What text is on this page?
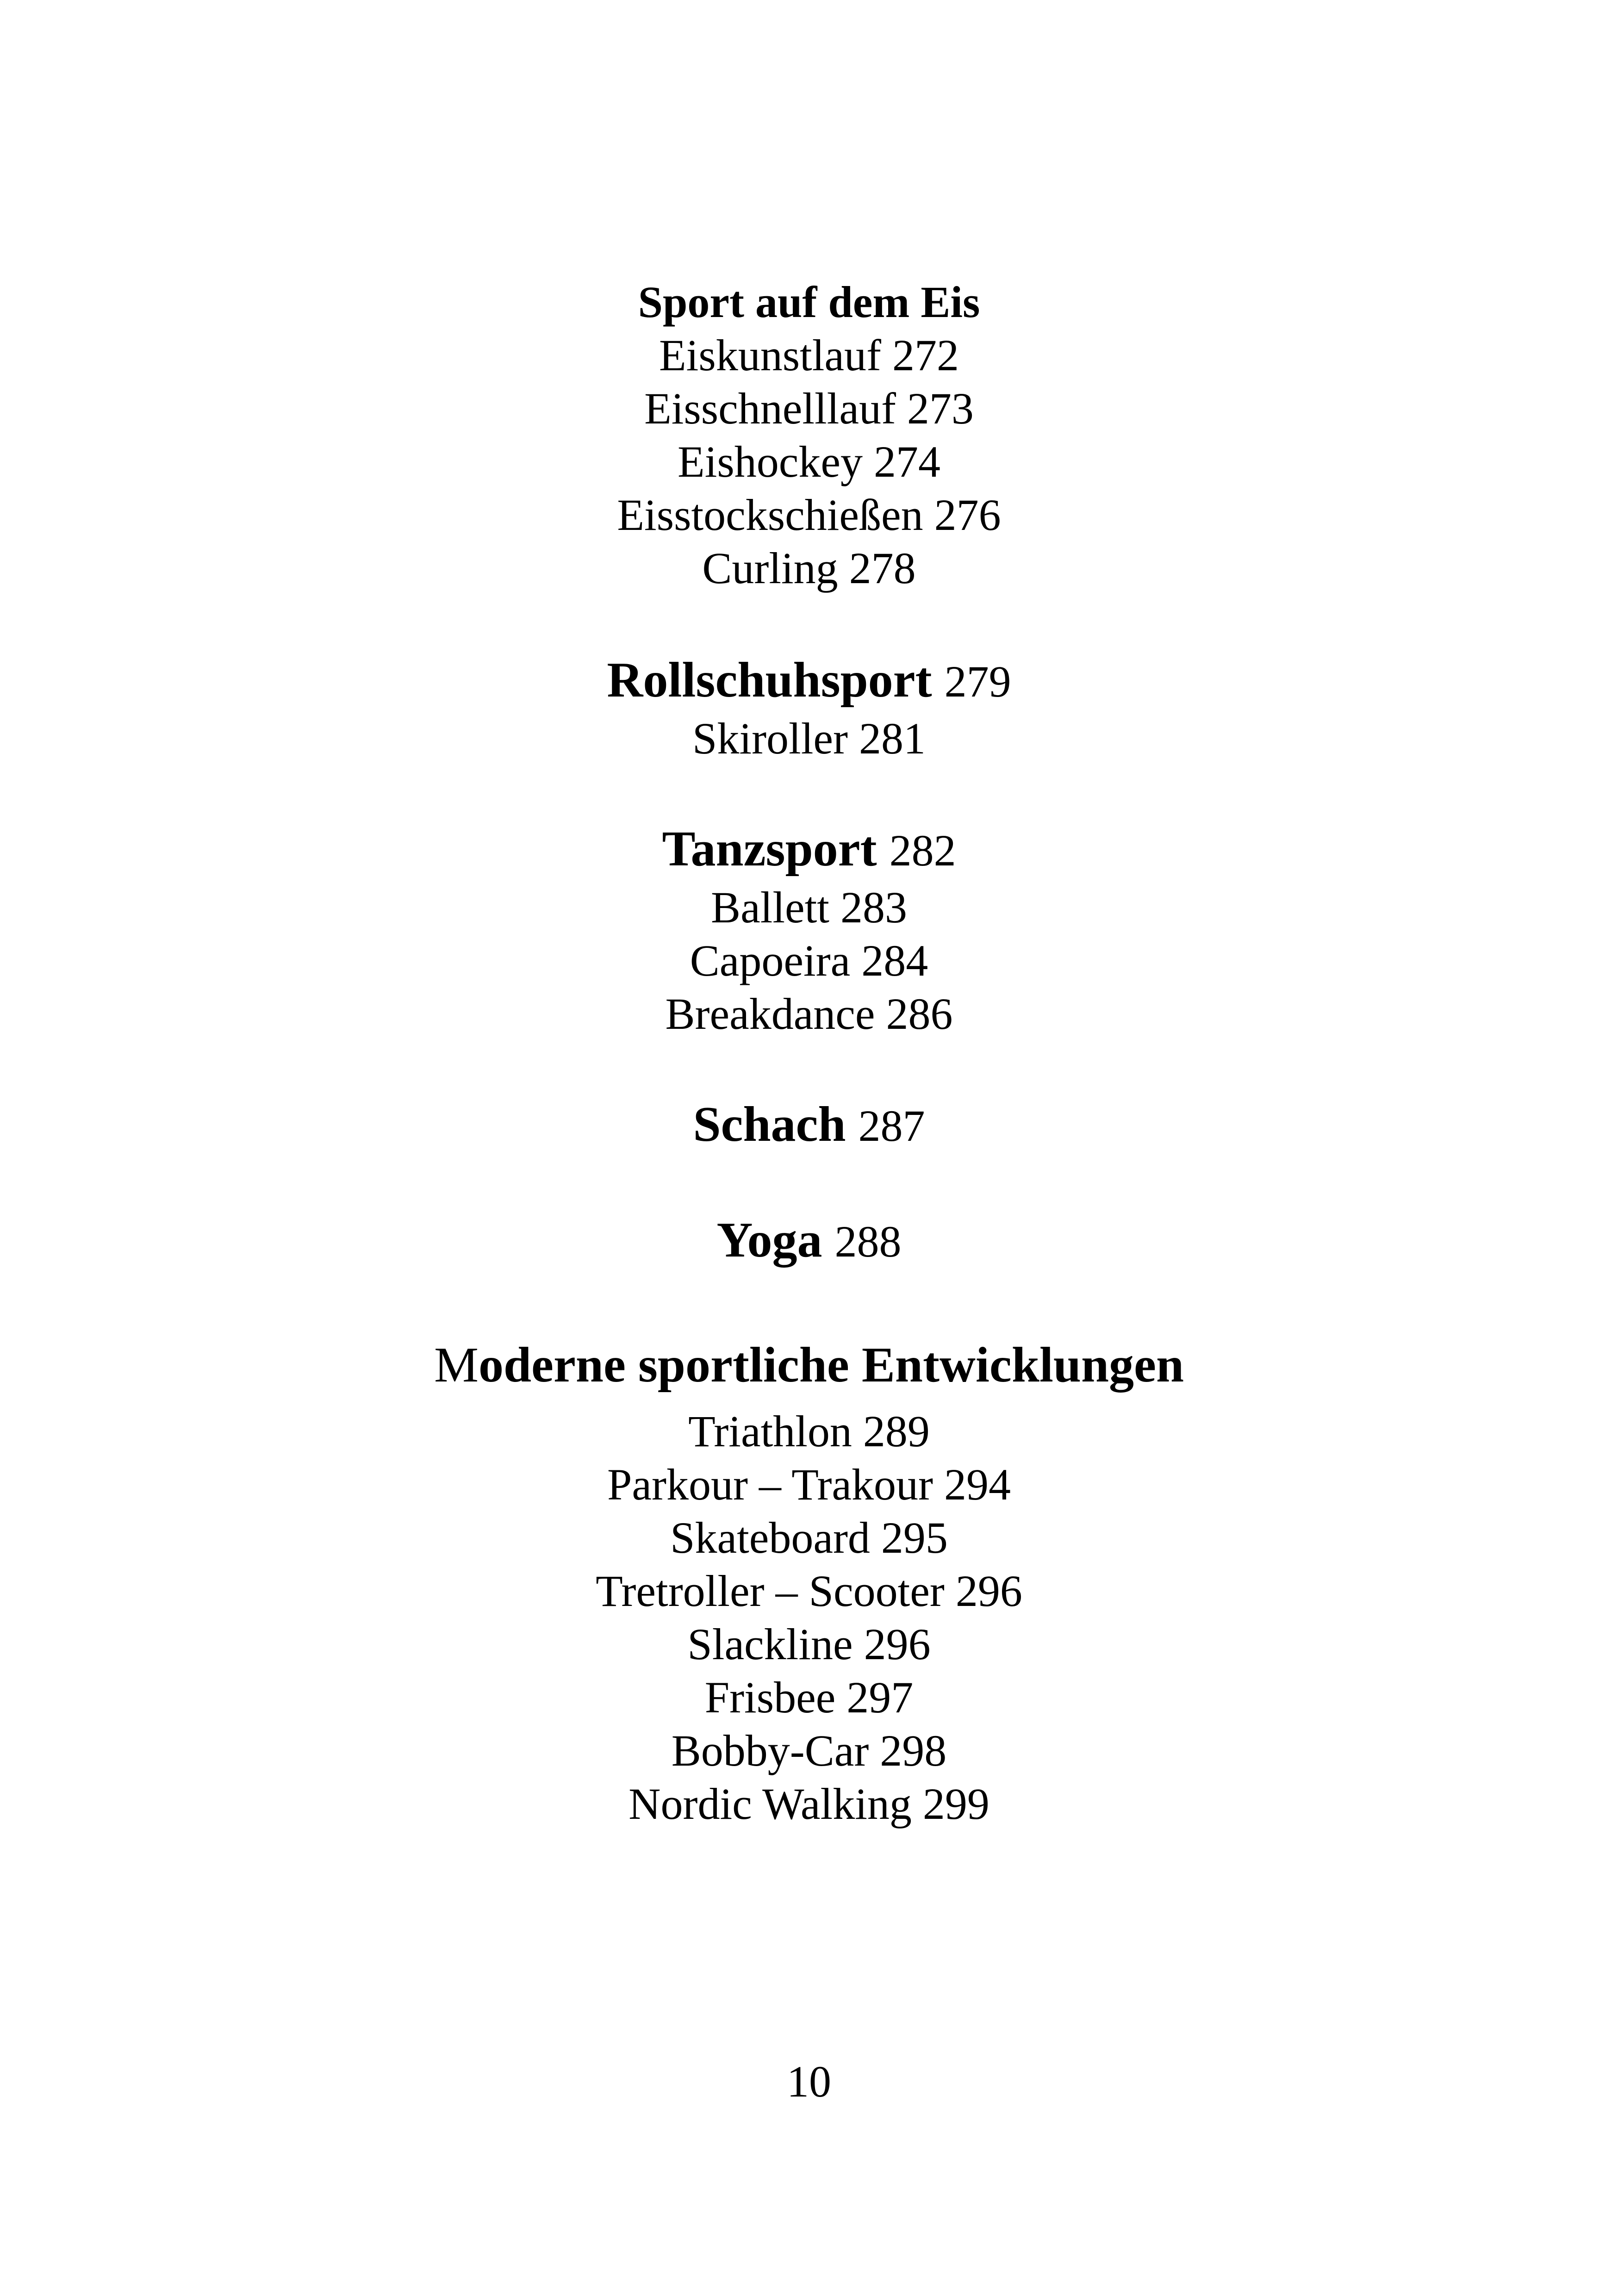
Sport auf dem Eis

Eiskunstlauf 272

Eisschnelllauf 273

Eishockey 274

Eisstockschießen 276

Curling 278

Rollschuhsport 279

Skiroller 281

Tanzsport 282

Ballett 283

Capoeira 284

Breakdance 286

Schach 287

Yoga 288

Moderne sportliche Entwicklungen

Triathlon 289

Parkour – Trakour 294

Skateboard 295

Tretroller – Scooter 296

Slackline 296

Frisbee 297

Bobby-Car 298

Nordic Walking 299

10
